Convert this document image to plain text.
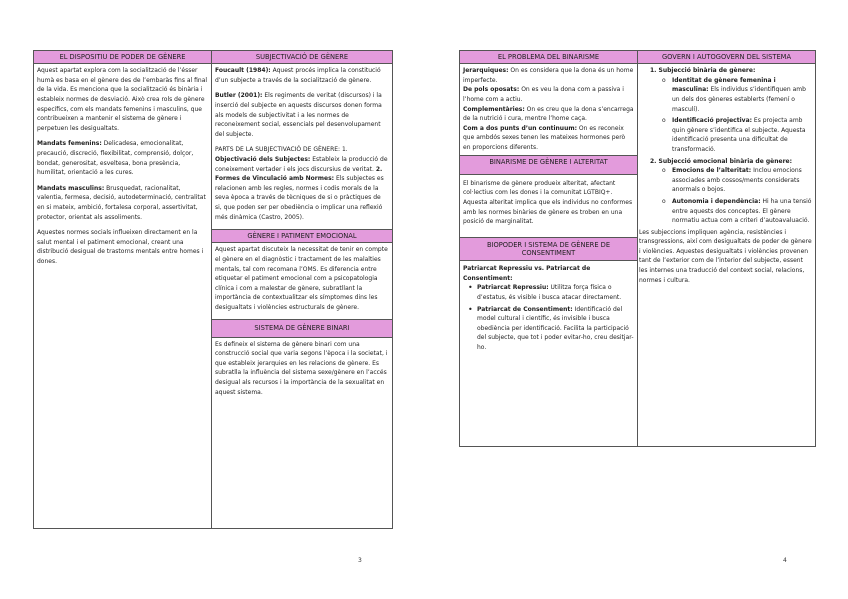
EL DISPOSITIU DE PODER DE GÈNERE

Aquest apartat explora com la socialització de l’ésser humà es basa en el gènere des de l’embaràs fins al final de la vida. Es menciona que la socialització és binària i estableix normes de desviació. Això crea rols de gènere específics, com els mandats femenins i masculins, que contribueixen a mantenir el sistema de gènere i perpetuen les desigualtats.

Mandats femenins: Delicadesa, emocionalitat, precaució, discreció, flexibilitat, comprensió, dolçor, bondat, generositat, esveltesa, bona presència, humilitat, orientació a les cures.

Mandats masculins: Brusquedat, racionalitat, valentia, fermesa, decisió, autodeterminació, centralitat en si mateix, ambició, fortalesa corporal, assertivitat, protector, orientat als assoliments.

Aquestes normes socials influeixen directament en la salut mental i el patiment emocional, creant una distribució desigual de trastorns mentals entre homes i dones.

SUBJECTIVACIÓ DE GÈNERE

Foucault (1984): Aquest procés implica la constitució d’un subjecte a través de la socialització de gènere.

Butler (2001): Els regiments de veritat (discursos) i la inserció del subjecte en aquests discursos donen forma als models de subjectivitat i a les normes de reconeixement social, essencials pel desenvolupament del subjecte.

PARTS DE LA SUBJECTIVACIÓ DE GÈNERE: 1.
Objectivació dels Subjectes: Estableix la producció de coneixement vertader i els jocs discursius de veritat. 2. Formes de Vinculació amb Normes: Els subjectes es relacionen amb les regles, normes i codis morals de la seva època a través de tècniques de si o pràctiques de si, que poden ser per obediència o implicar una reflexió més dinàmica (Castro, 2005).

GÈNERE I PATIMENT EMOCIONAL

Aquest apartat discuteix la necessitat de tenir en compte el gènere en el diagnòstic i tractament de les malalties mentals, tal com recomana l’OMS. Es diferencia entre etiquetar el patiment emocional com a psicopatologia clínica i com a malestar de gènere, subratllant la importància de contextualitzar els símptomes dins les desigualtats i violències estructurals de gènere.

SISTEMA DE GÈNERE BINARI

Es defineix el sistema de gènere binari com una construcció social que varia segons l’època i la societat, i que estableix jerarquies en les relacions de gènere. Es subratlla la influència del sistema sexe/gènere en l’accés desigual als recursos i la importància de la sexualitat en aquest sistema.

3
EL PROBLEMA DEL BINARISME

Jerarquiques: On es considera que la dona és un home imperfecte.

De pols oposats: On es veu la dona com a passiva i l’home com a actiu.

Complementàries: On es creu que la dona s’encarrega de la nutrició i cura, mentre l’home caça.

Com a dos punts d’un continuum: On es reconeix que ambdós sexes tenen les mateixes hormones però en proporcions diferents.

BINARISME DE GÈNERE I ALTERITAT

El binarisme de gènere produeix alteritat, afectant col·lectius com les dones i la comunitat LGTBIQ+. Aquesta alteritat implica que els individus no conformes amb les normes binàries de gènere es troben en una posició de marginalitat.

BIOPODER I SISTEMA DE GÈNERE DE CONSENTIMENT

Patriarcat Repressiu vs. Patriarcat de Consentiment:

• Patriarcat Repressiu: Utilitza força física o d’estatus, és visible i busca atacar directament.
• Patriarcat de Consentiment: Identificació del model cultural i científic, és invisible i busca obediència per identificació. Facilita la participació del subjecte, que tot i poder evitar-ho, creu desitjar-ho.
GOVERN I AUTOGOVERN DEL SISTEMA
1. Subjecció binària de gènere:
o Identitat de gènere femenina i masculina: Els individus s’identifiquen amb un dels dos gèneres establerts (femení o masculí).
o Identificació projectiva: Es projecta amb quin gènere s’identifica el subjecte. Aquesta identificació presenta una dificultat de transformació.
2. Subjecció emocional binària de gènere:
o Emocions de l’alteritat: Inclou emocions associades amb cossos/ments considerats anormals o bojos.
o Autonomia i dependència: Hi ha una tensió entre aquests dos conceptes. El gènere normatiu actua com a criteri d’autoavaluació.

Les subjeccions impliquen agència, resistències i transgressions, així com desigualtats de poder de gènere i violències. Aquestes desigualtats i violències provenen tant de l’exterior com de l’interior del subjecte, essent les internes una traducció del context social, relacions, normes i cultura.

4
